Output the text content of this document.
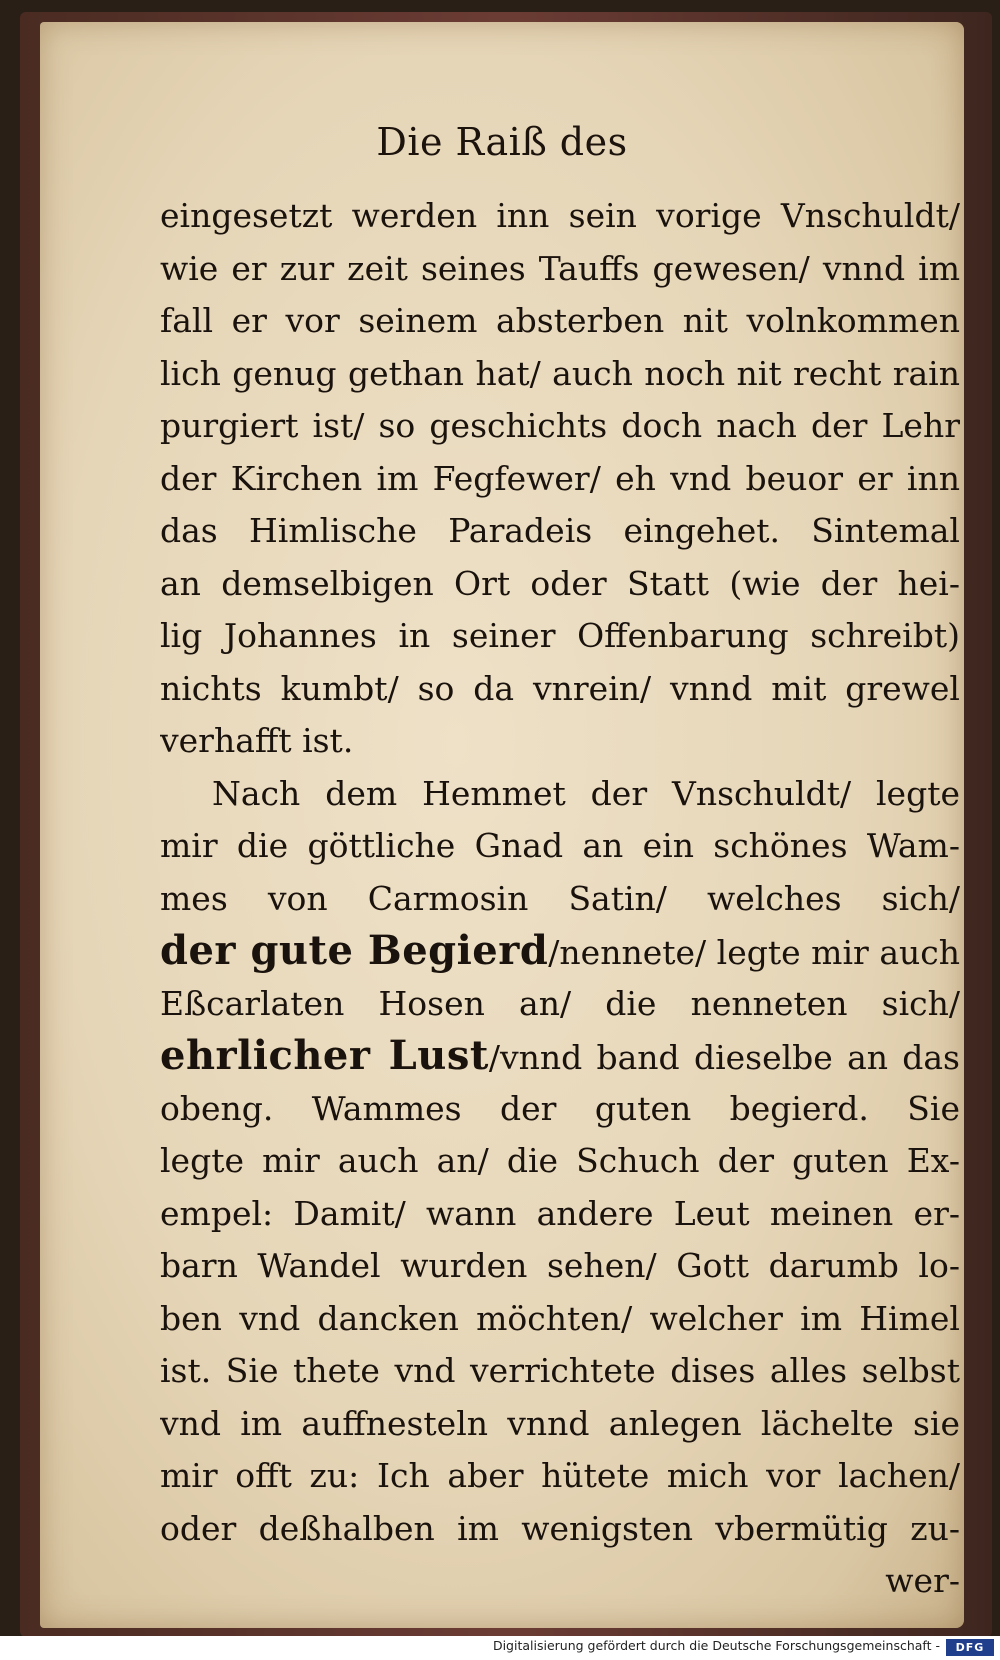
Die Raiß des
eingesetzt werden inn sein vorige Vnschuldt/
wie er zur zeit seines Tauffs gewesen/ vnnd im
fall er vor seinem absterben nit volnkommen
lich genug gethan hat/ auch noch nit recht rain
purgiert ist/ so geschichts doch nach der Lehr
der Kirchen im Fegfewer/ eh vnd beuor er inn
das Himlische Paradeis eingehet. Sintemal
an demselbigen Ort oder Statt (wie der hei-
lig Johannes in seiner Offenbarung schreibt)
nichts kumbt/ so da vnrein/ vnnd mit grewel
verhafft ist.
Nach dem Hemmet der Vnschuldt/ legte
mir die göttliche Gnad an ein schönes Wam-
mes von Carmosin Satin/ welches sich/
der gute Begierd/nennete/ legte mir auch
Eßcarlaten Hosen an/ die nenneten sich/
ehrlicher Lust/vnnd band dieselbe an das
obeng. Wammes der guten begierd. Sie
legte mir auch an/ die Schuch der guten Ex-
empel: Damit/ wann andere Leut meinen er-
barn Wandel wurden sehen/ Gott darumb lo-
ben vnd dancken möchten/ welcher im Himel
ist. Sie thete vnd verrichtete dises alles selbst
vnd im auffnesteln vnnd anlegen lächelte sie
mir offt zu: Ich aber hütete mich vor lachen/
oder deßhalben im wenigsten vbermütig zu-
wer-
Digitalisierung gefördert durch die Deutsche Forschungsgemeinschaft -	DFG
